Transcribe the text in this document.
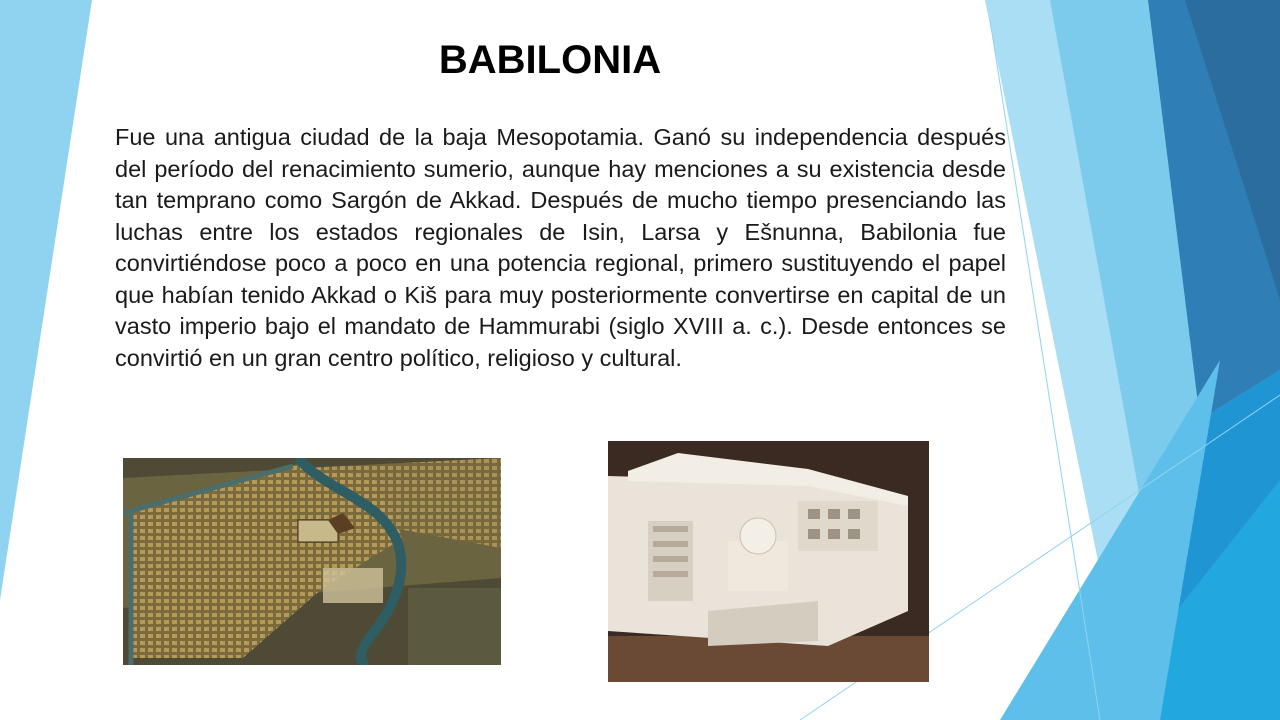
BABILONIA

Fue una antigua ciudad de la baja Mesopotamia. Ganó su independencia después del período del renacimiento sumerio, aunque hay menciones a su existencia desde tan temprano como Sargón de Akkad. Después de mucho tiempo presenciando las luchas entre los estados regionales de Isin, Larsa y Ešnunna, Babilonia fue convirtiéndose poco a poco en una potencia regional, primero sustituyendo el papel que habían tenido Akkad o Kiš para muy posteriormente convertirse en capital de un vasto imperio bajo el mandato de Hammurabi (siglo XVIII a. c.). Desde entonces se convirtió en un gran centro político, religioso y cultural.
